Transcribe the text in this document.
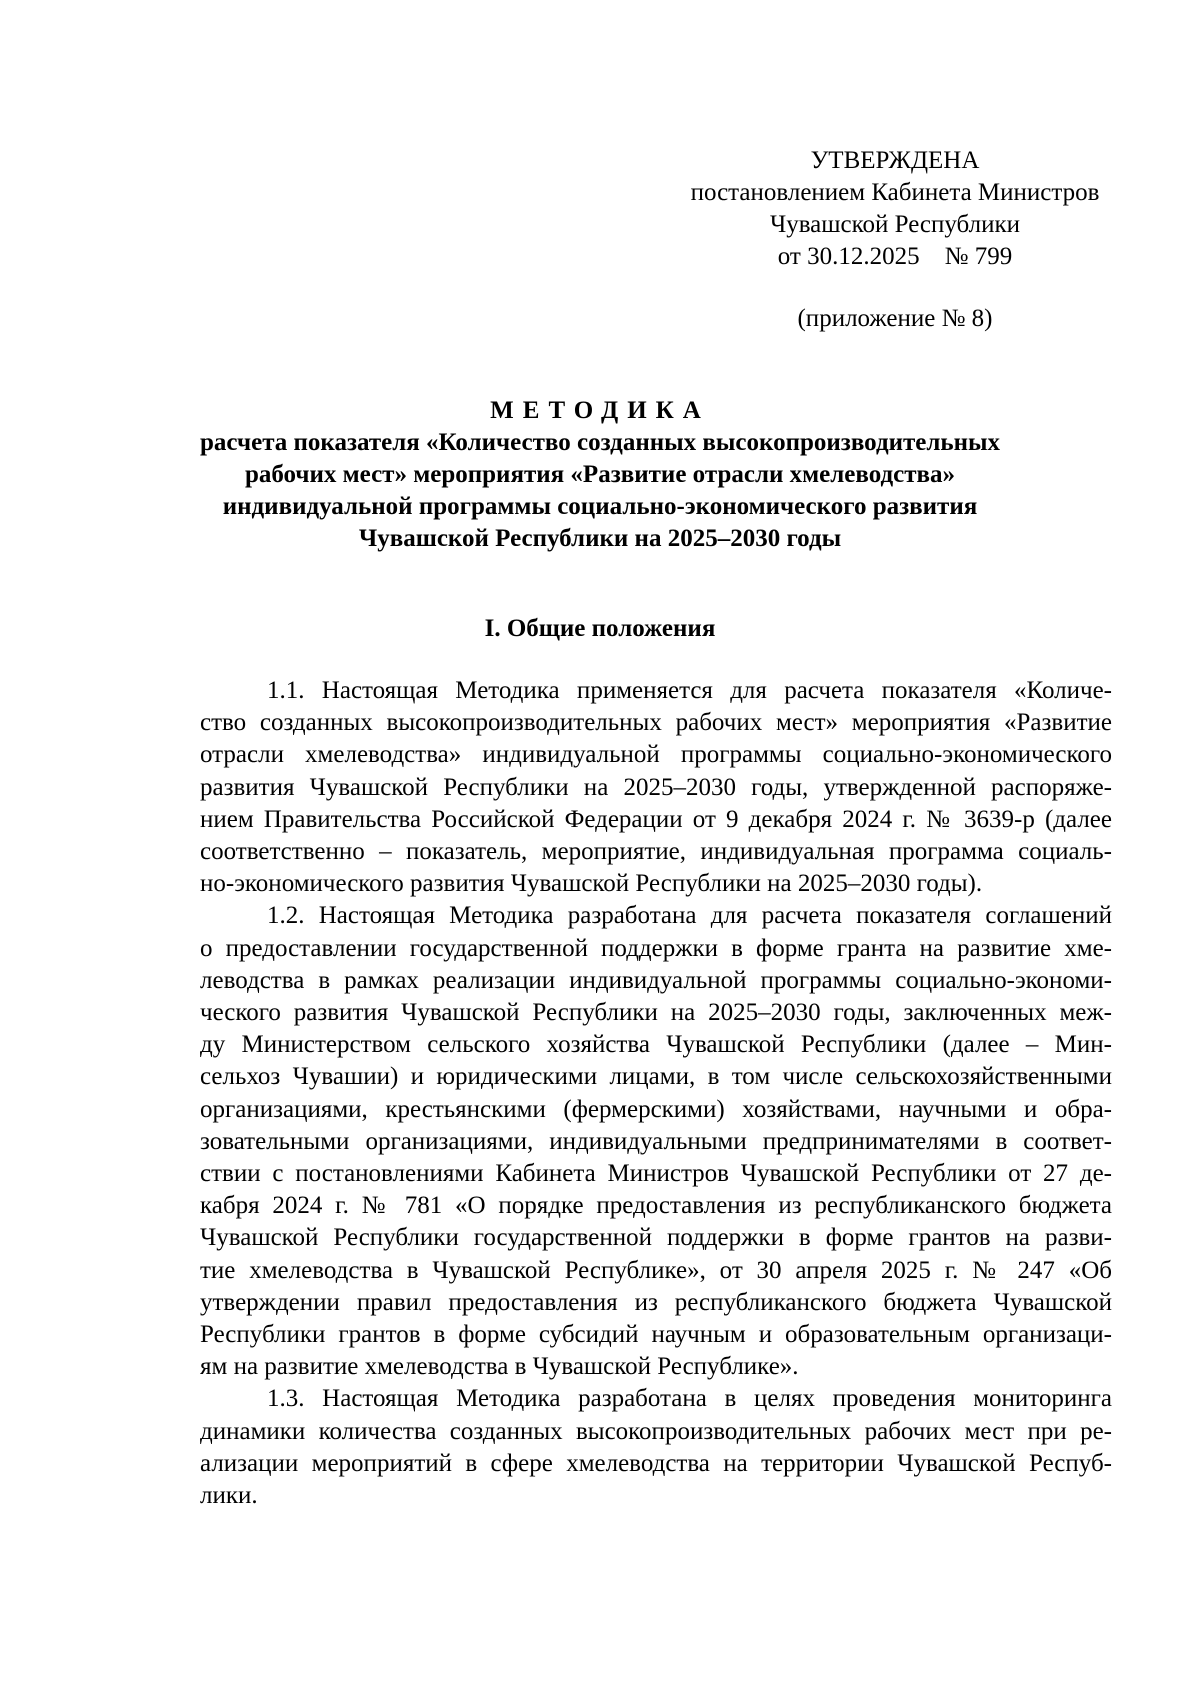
УТВЕРЖДЕНА
постановлением Кабинета Министров
Чувашской Республики
от 30.12.2025    № 799
(приложение № 8)
МЕТОДИКА
расчета показателя «Количество созданных высокопроизводительных
рабочих мест» мероприятия «Развитие отрасли хмелеводства»
индивидуальной программы социально-экономического развития
Чувашской Республики на 2025–2030 годы
I. Общие положения
1.1. Настоящая Методика применяется для расчета показателя «Количе-
ство созданных высокопроизводительных рабочих мест» мероприятия «Развитие
отрасли хмелеводства» индивидуальной программы социально-экономического
развития Чувашской Республики на 2025–2030 годы, утвержденной распоряже-
нием Правительства Российской Федерации от 9 декабря 2024 г. № 3639-р (далее
соответственно – показатель, мероприятие, индивидуальная программа социаль-
но-экономического развития Чувашской Республики на 2025–2030 годы).
1.2. Настоящая Методика разработана для расчета показателя соглашений
о предоставлении государственной поддержки в форме гранта на развитие хме-
леводства в рамках реализации индивидуальной программы социально-экономи-
ческого развития Чувашской Республики на 2025–2030 годы, заключенных меж-
ду Министерством сельского хозяйства Чувашской Республики (далее – Мин-
сельхоз Чувашии) и юридическими лицами, в том числе сельскохозяйственными
организациями, крестьянскими (фермерскими) хозяйствами, научными и обра-
зовательными организациями, индивидуальными предпринимателями в соответ-
ствии с постановлениями Кабинета Министров Чувашской Республики от 27 де-
кабря 2024 г. № 781 «О порядке предоставления из республиканского бюджета
Чувашской Республики государственной поддержки в форме грантов на разви-
тие хмелеводства в Чувашской Республике», от 30 апреля 2025 г. № 247 «Об
утверждении правил предоставления из республиканского бюджета Чувашской
Республики грантов в форме субсидий научным и образовательным организаци-
ям на развитие хмелеводства в Чувашской Республике».
1.3. Настоящая Методика разработана в целях проведения мониторинга
динамики количества созданных высокопроизводительных рабочих мест при ре-
ализации мероприятий в сфере хмелеводства на территории Чувашской Респуб-
лики.
